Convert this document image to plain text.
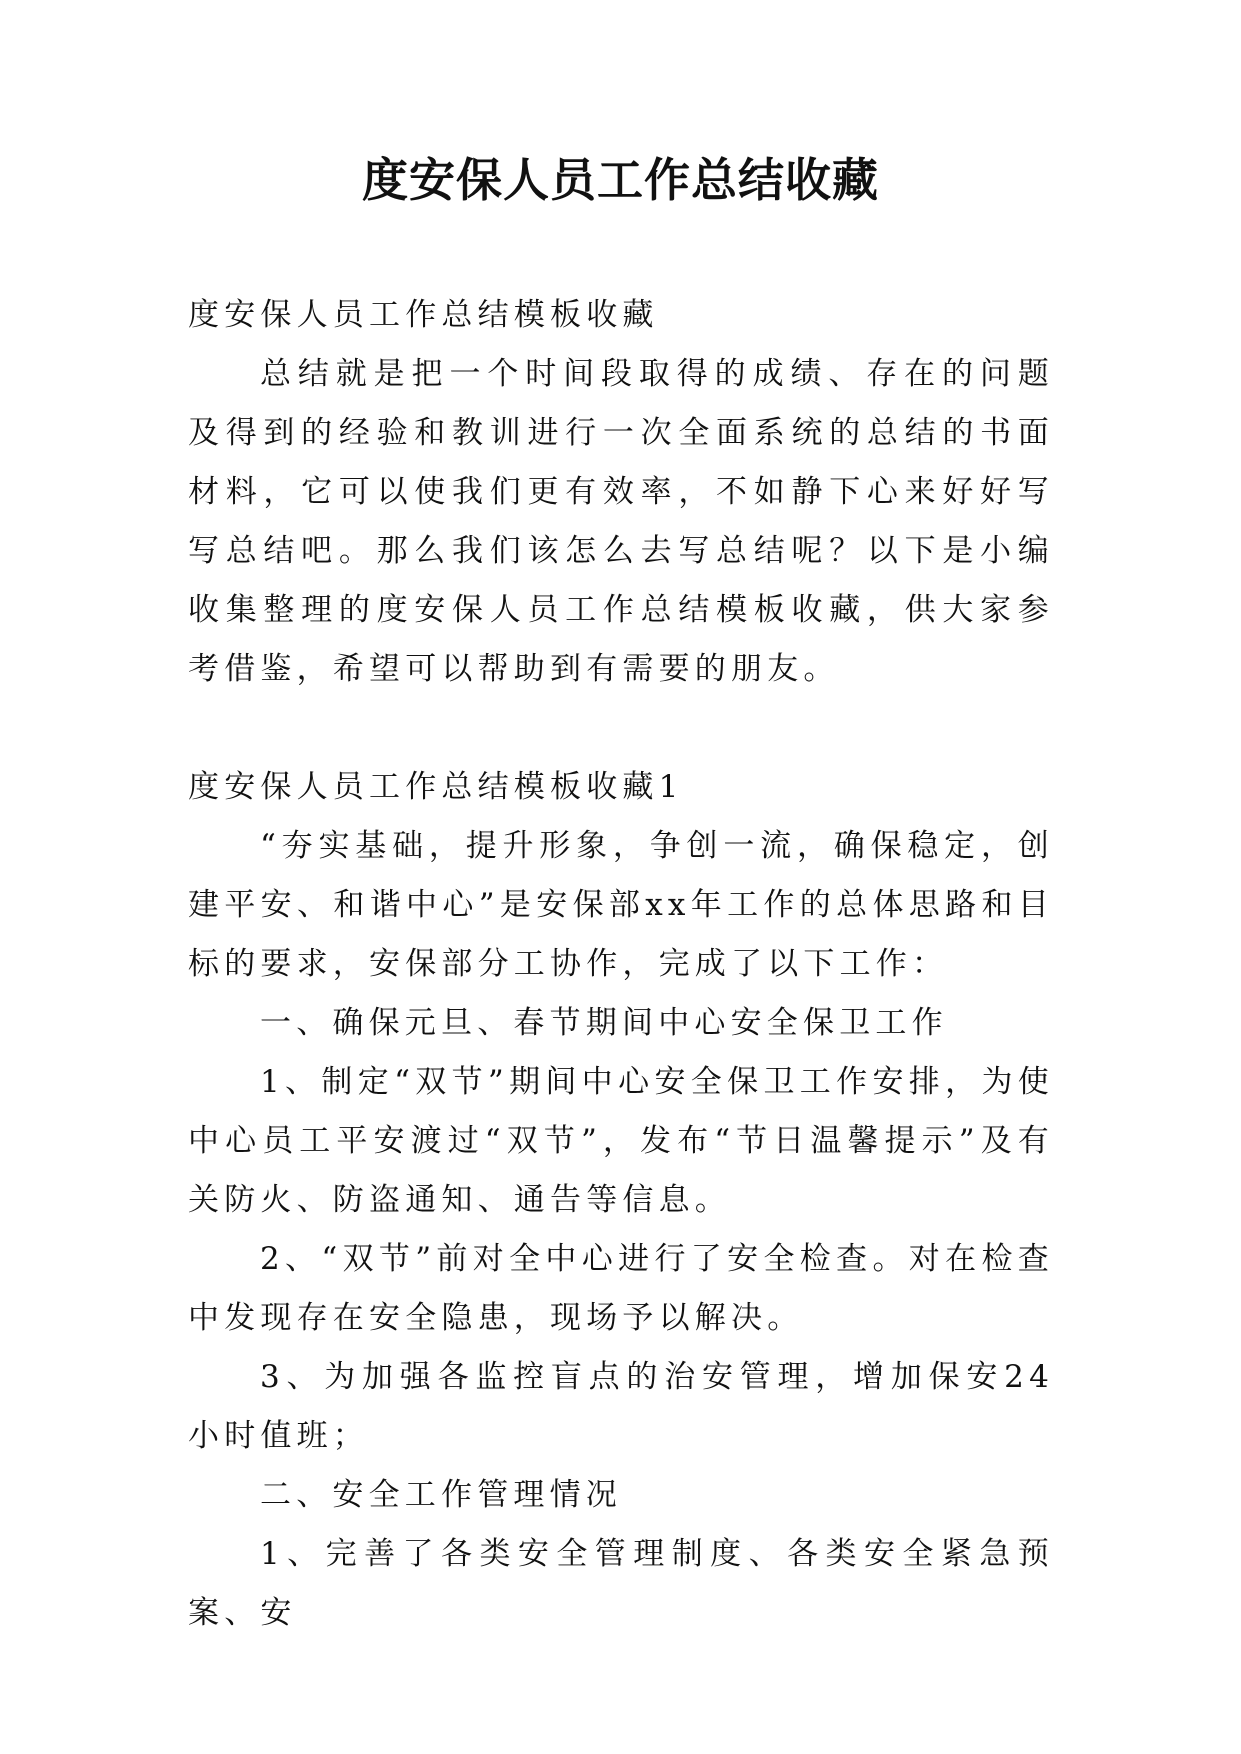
度安保人员工作总结收藏

度安保人员工作总结模板收藏

总结就是把一个时间段取得的成绩、存在的问题及得到的经验和教训进行一次全面系统的总结的书面材料，它可以使我们更有效率，不如静下心来好好写写总结吧。那么我们该怎么去写总结呢？以下是小编收集整理的度安保人员工作总结模板收藏，供大家参考借鉴，希望可以帮助到有需要的朋友。

度安保人员工作总结模板收藏1

“夯实基础，提升形象，争创一流，确保稳定，创建平安、和谐中心”是安保部xx年工作的总体思路和目标的要求，安保部分工协作，完成了以下工作：

一、确保元旦、春节期间中心安全保卫工作

1、制定“双节”期间中心安全保卫工作安排，为使中心员工平安渡过“双节”，发布“节日温馨提示”及有关防火、防盗通知、通告等信息。

2、“双节”前对全中心进行了安全检查。对在检查中发现存在安全隐患，现场予以解决。

3、为加强各监控盲点的治安管理，增加保安24小时值班；

二、安全工作管理情况

1、完善了各类安全管理制度、各类安全紧急预案、安
